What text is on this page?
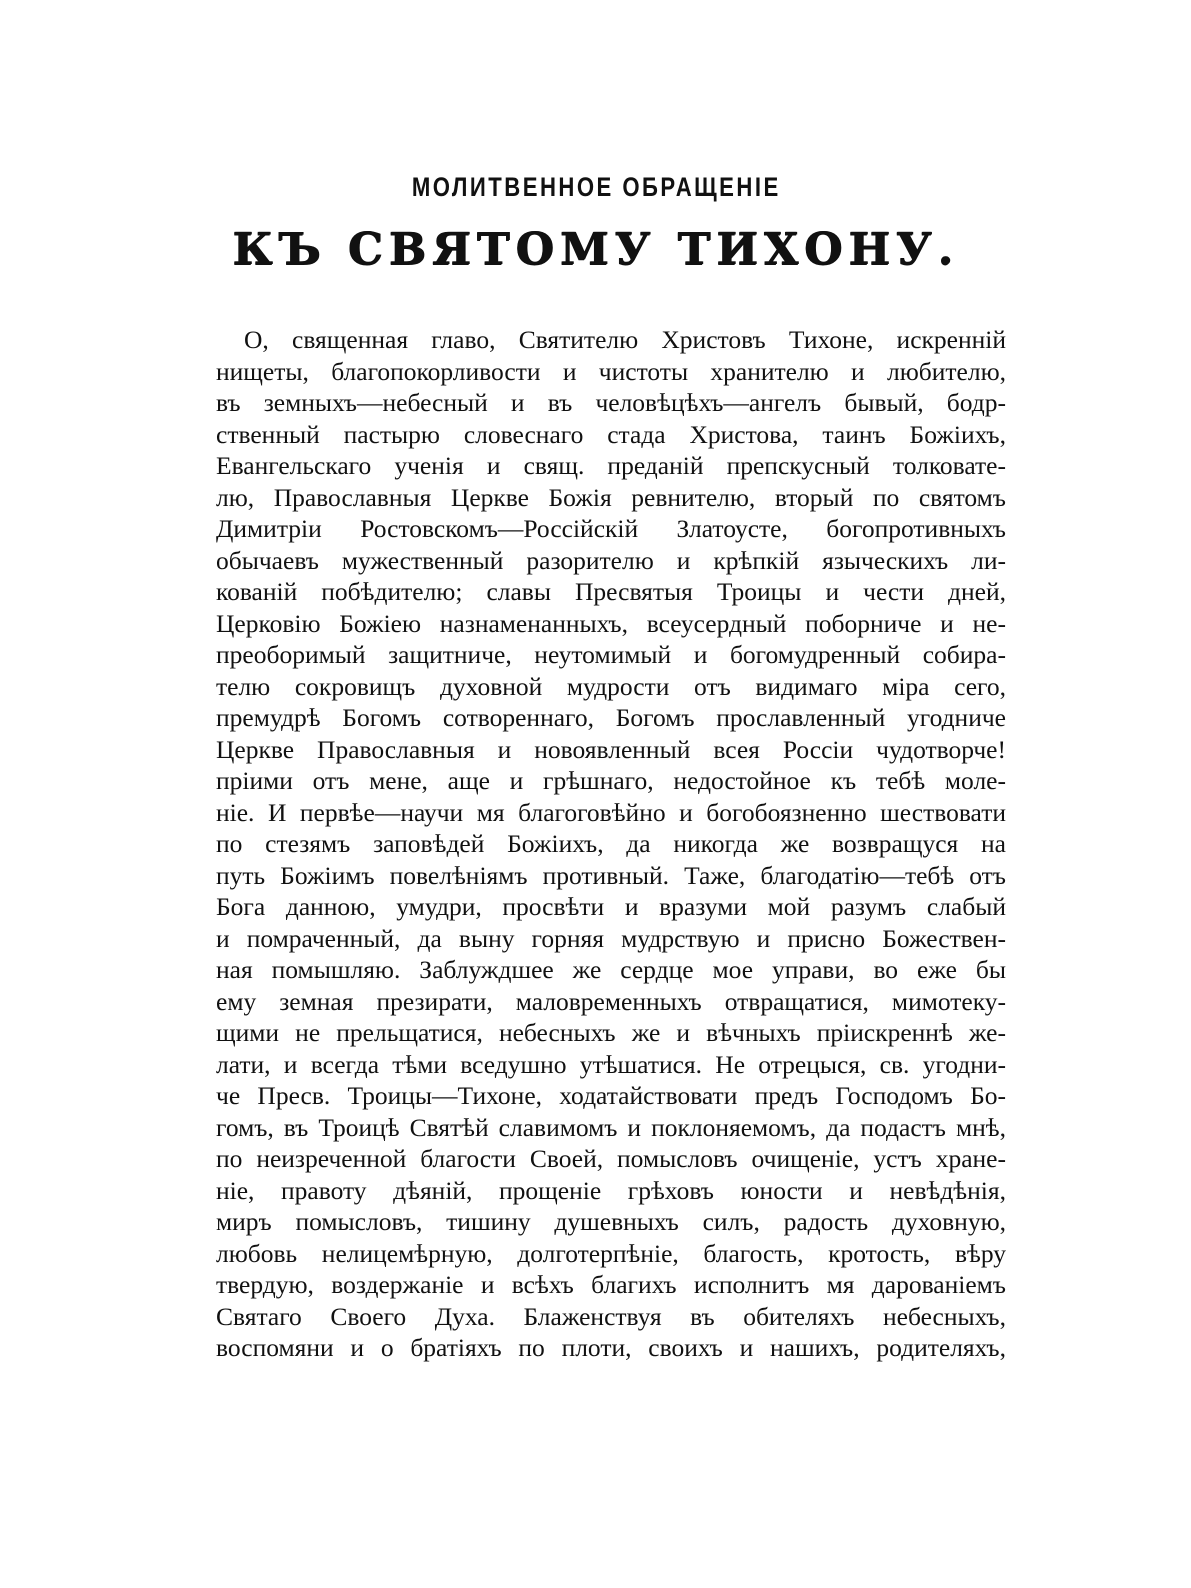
МОЛИТВЕННОЕ ОБРАЩЕНІЕ
КЪ СВЯТОМУ ТИХОНУ.
О, священная главо, Святителю Христовъ Тихоне, искренній
нищеты, благопокорливости и чистоты хранителю и любителю,
въ земныхъ—небесный и въ человѣцѣхъ—ангелъ бывый, бодр-
ственный пастырю словеснаго стада Христова, таинъ Божіихъ,
Евангельскаго ученія и свящ. преданій препскусный толковате-
лю, Православныя Церкве Божія ревнителю, вторый по святомъ
Димитріи Ростовскомъ—Россійскій Златоусте, богопротивныхъ
обычаевъ мужественный разорителю и крѣпкій языческихъ ли-
кованій побѣдителю; славы Пресвятыя Троицы и чести дней,
Церковію Божіею назнаменанныхъ, всеусердный поборниче и не-
преоборимый защитниче, неутомимый и богомудренный собира-
телю сокровищъ духовной мудрости отъ видимаго міра сего,
премудрѣ Богомъ сотвореннаго, Богомъ прославленный угодниче
Церкве Православныя и новоявленный всея Россіи чудотворче!
пріими отъ мене, аще и грѣшнаго, недостойное къ тебѣ моле-
ніе. И первѣе—научи мя благоговѣйно и богобоязненно шествовати
по стезямъ заповѣдей Божіихъ, да никогда же возвращуся на
путь Божіимъ повелѣніямъ противный. Таже, благодатію—тебѣ отъ
Бога данною, умудри, просвѣти и вразуми мой разумъ слабый
и помраченный, да выну горняя мудрствую и присно Божествен-
ная помышляю. Заблуждшее же сердце мое управи, во еже бы
ему земная презирати, маловременныхъ отвращатися, мимотеку-
щими не прельщатися, небесныхъ же и вѣчныхъ пріискреннѣ же-
лати, и всегда тѣми вседушно утѣшатися. Не отрецыся, св. угодни-
че Пресв. Троицы—Тихоне, ходатайствовати предъ Господомъ Бо-
гомъ, въ Троицѣ Святѣй славимомъ и поклоняемомъ, да подастъ мнѣ,
по неизреченной благости Своей, помысловъ очищеніе, устъ хране-
ніе, правоту дѣяній, прощеніе грѣховъ юности и невѣдѣнія,
миръ помысловъ, тишину душевныхъ силъ, радость духовную,
любовь нелицемѣрную, долготерпѣніе, благость, кротость, вѣру
твердую, воздержаніе и всѣхъ благихъ исполнитъ мя дарованіемъ
Святаго Своего Духа. Блаженствуя въ обителяхъ небесныхъ,
воспомяни и о братіяхъ по плоти, своихъ и нашихъ, родителяхъ,
